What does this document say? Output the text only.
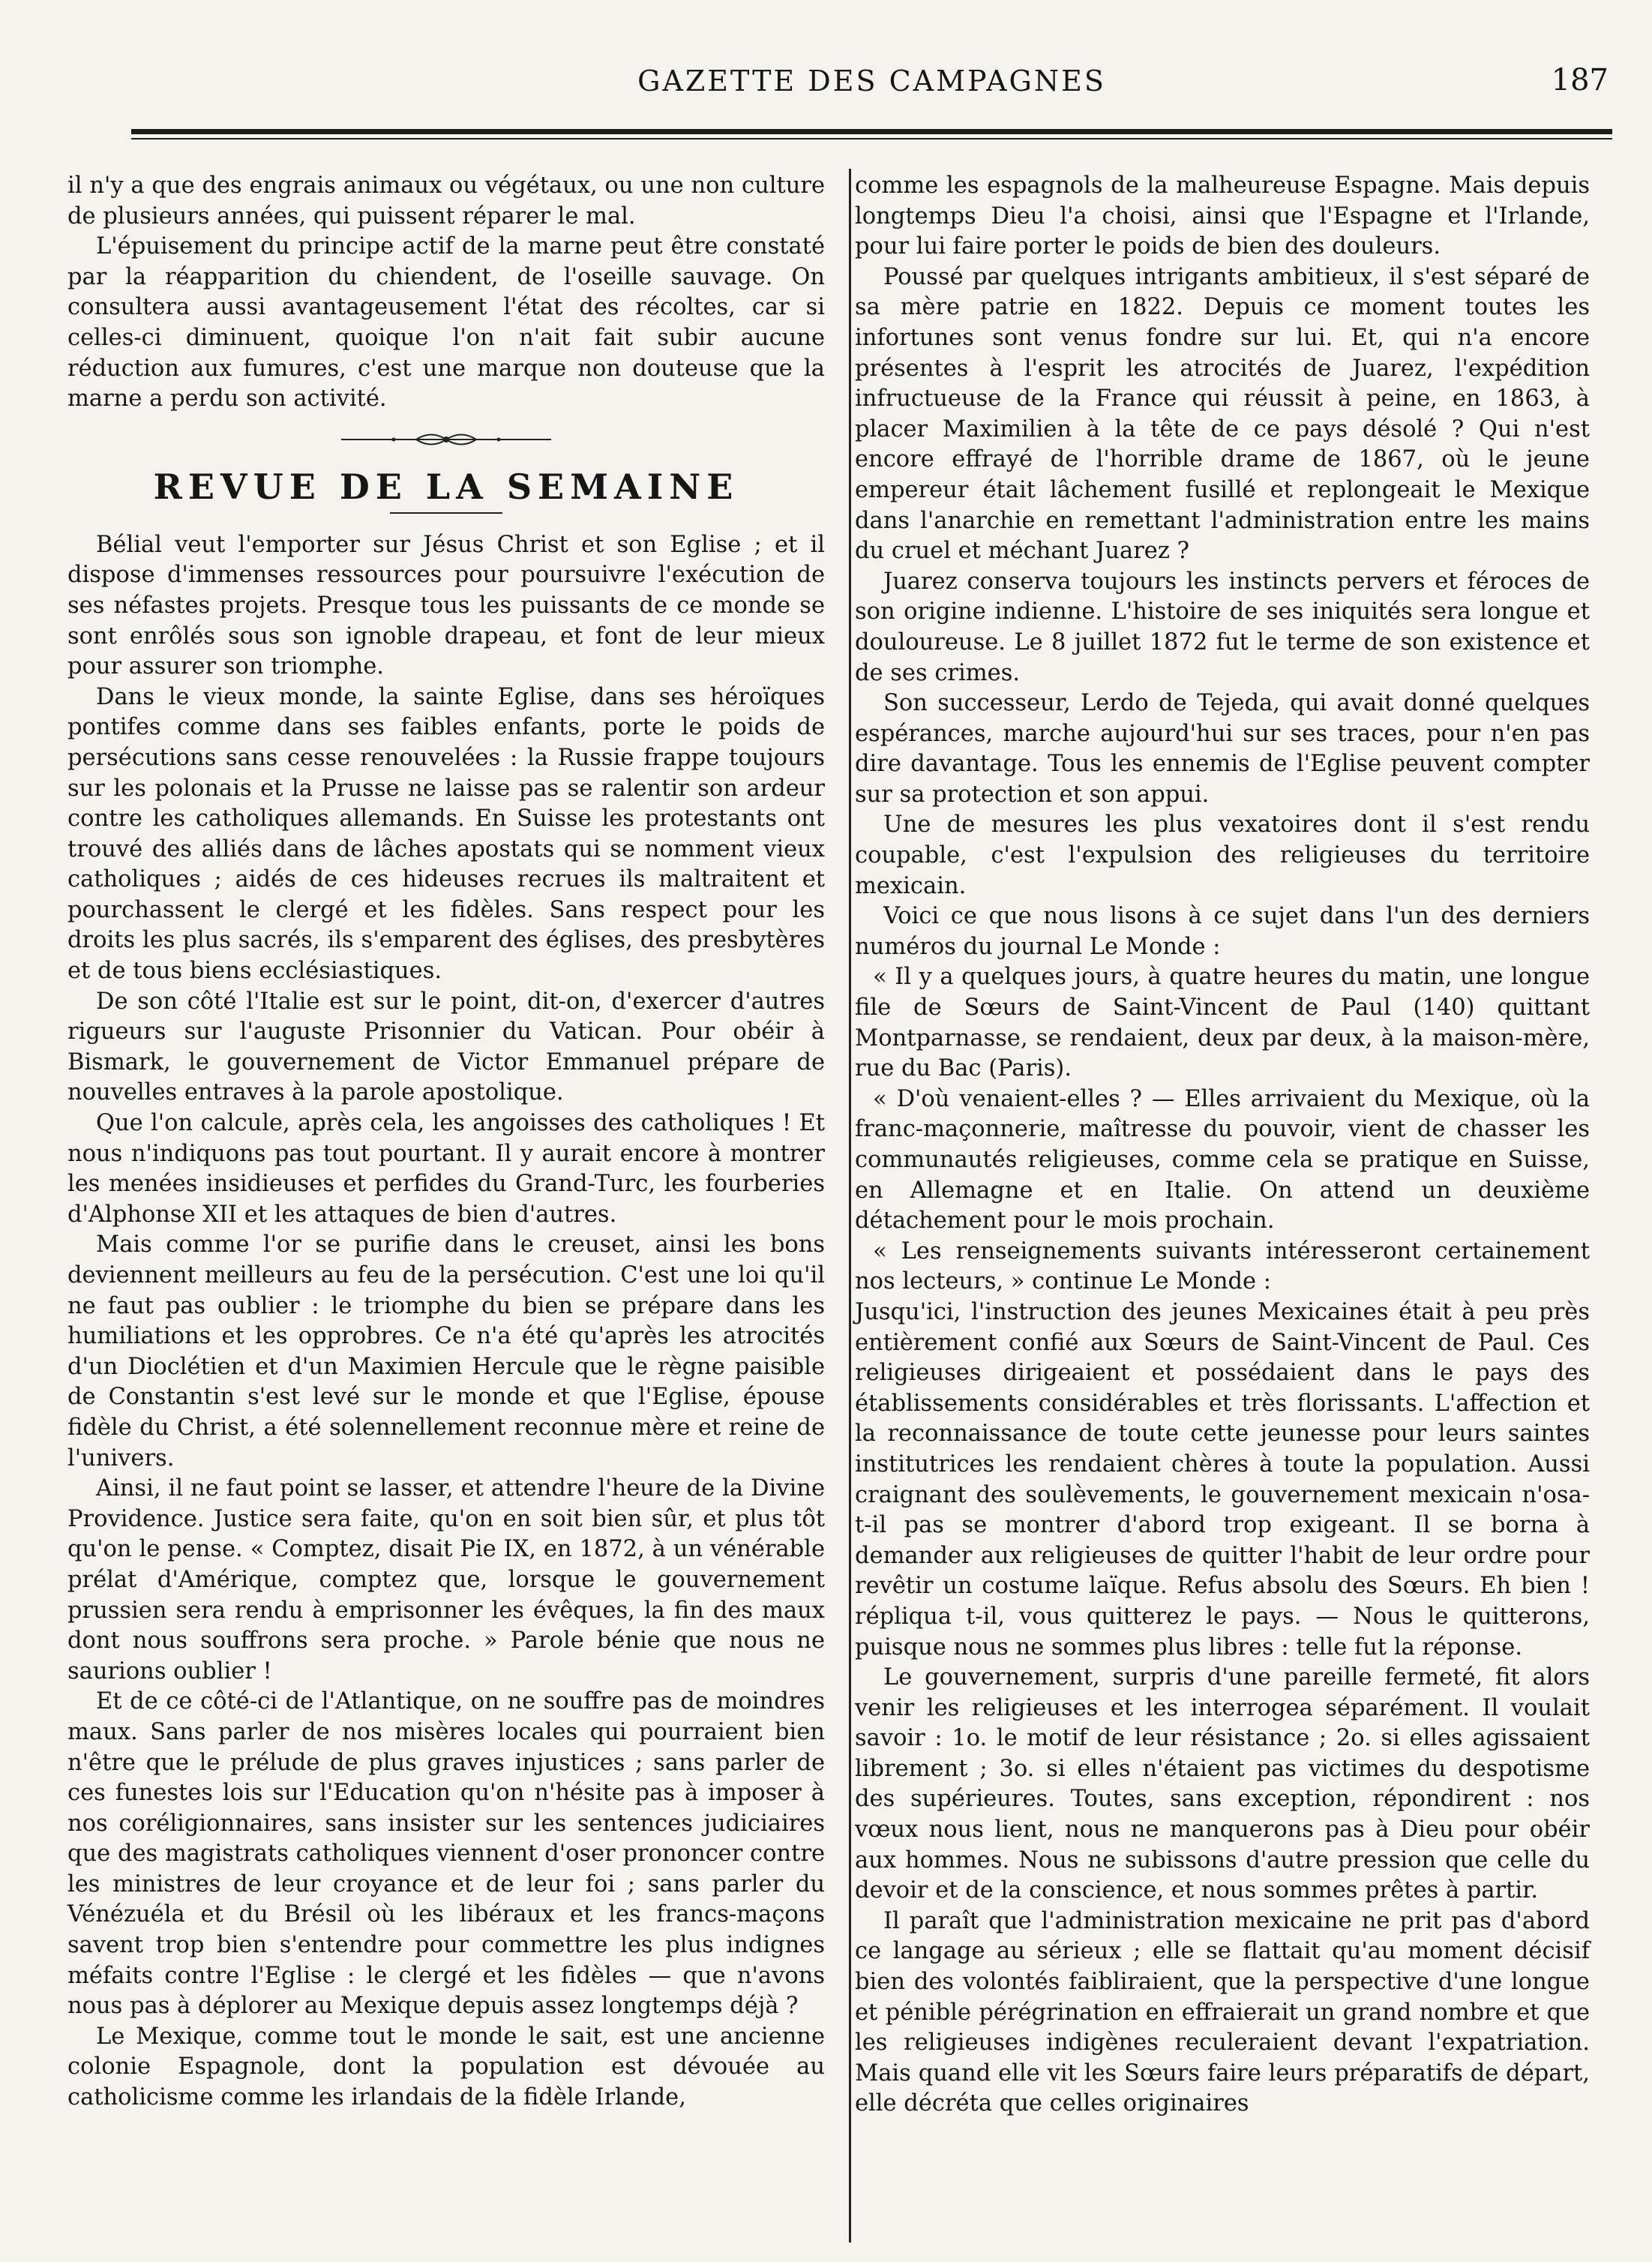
GAZETTE DES CAMPAGNES	187

il n'y a que des engrais animaux ou végétaux, ou une non culture de plusieurs années, qui puissent réparer le mal.

L'épuisement du principe actif de la marne peut être constaté par la réapparition du chiendent, de l'oseille sauvage. On consultera aussi avantageusement l'état des récoltes, car si celles-ci diminuent, quoique l'on n'ait fait subir aucune réduction aux fumures, c'est une marque non douteuse que la marne a perdu son activité.

REVUE DE LA SEMAINE

Bélial veut l'emporter sur Jésus Christ et son Eglise ; et il dispose d'immenses ressources pour poursuivre l'exécution de ses néfastes projets. Presque tous les puissants de ce monde se sont enrôlés sous son ignoble drapeau, et font de leur mieux pour assurer son triomphe.

Dans le vieux monde, la sainte Eglise, dans ses héroïques pontifes comme dans ses faibles enfants, porte le poids de persécutions sans cesse renouvelées : la Russie frappe toujours sur les polonais et la Prusse ne laisse pas se ralentir son ardeur contre les catholiques allemands. En Suisse les protestants ont trouvé des alliés dans de lâches apostats qui se nomment vieux catholiques ; aidés de ces hideuses recrues ils maltraitent et pourchassent le clergé et les fidèles. Sans respect pour les droits les plus sacrés, ils s'emparent des églises, des presbytères et de tous biens ecclésiastiques.

De son côté l'Italie est sur le point, dit-on, d'exercer d'autres rigueurs sur l'auguste Prisonnier du Vatican. Pour obéir à Bismark, le gouvernement de Victor Emmanuel prépare de nouvelles entraves à la parole apostolique.

Que l'on calcule, après cela, les angoisses des catholiques ! Et nous n'indiquons pas tout pourtant. Il y aurait encore à montrer les menées insidieuses et perfides du Grand-Turc, les fourberies d'Alphonse XII et les attaques de bien d'autres.

Mais comme l'or se purifie dans le creuset, ainsi les bons deviennent meilleurs au feu de la persécution. C'est une loi qu'il ne faut pas oublier : le triomphe du bien se prépare dans les humiliations et les opprobres. Ce n'a été qu'après les atrocités d'un Dioclétien et d'un Maximien Hercule que le règne paisible de Constantin s'est levé sur le monde et que l'Eglise, épouse fidèle du Christ, a été solennellement reconnue mère et reine de l'univers.

Ainsi, il ne faut point se lasser, et attendre l'heure de la Divine Providence. Justice sera faite, qu'on en soit bien sûr, et plus tôt qu'on le pense. « Comptez, disait Pie IX, en 1872, à un vénérable prélat d'Amérique, comptez que, lorsque le gouvernement prussien sera rendu à emprisonner les évêques, la fin des maux dont nous souffrons sera proche. » Parole bénie que nous ne saurions oublier !

Et de ce côté-ci de l'Atlantique, on ne souffre pas de moindres maux. Sans parler de nos misères locales qui pourraient bien n'être que le prélude de plus graves injustices ; sans parler de ces funestes lois sur l'Education qu'on n'hésite pas à imposer à nos coréligionnaires, sans insister sur les sentences judiciaires que des magistrats catholiques viennent d'oser prononcer contre les ministres de leur croyance et de leur foi ; sans parler du Vénézuéla et du Brésil où les libéraux et les francs-maçons savent trop bien s'entendre pour commettre les plus indignes méfaits contre l'Eglise : le clergé et les fidèles — que n'avons nous pas à déplorer au Mexique depuis assez longtemps déjà ?

Le Mexique, comme tout le monde le sait, est une ancienne colonie Espagnole, dont la population est dévouée au catholicisme comme les irlandais de la fidèle Irlande,

comme les espagnols de la malheureuse Espagne. Mais depuis longtemps Dieu l'a choisi, ainsi que l'Espagne et l'Irlande, pour lui faire porter le poids de bien des douleurs.

Poussé par quelques intrigants ambitieux, il s'est séparé de sa mère patrie en 1822. Depuis ce moment toutes les infortunes sont venus fondre sur lui. Et, qui n'a encore présentes à l'esprit les atrocités de Juarez, l'expédition infructueuse de la France qui réussit à peine, en 1863, à placer Maximilien à la tête de ce pays désolé ? Qui n'est encore effrayé de l'horrible drame de 1867, où le jeune empereur était lâchement fusillé et replongeait le Mexique dans l'anarchie en remettant l'administration entre les mains du cruel et méchant Juarez ?

Juarez conserva toujours les instincts pervers et féroces de son origine indienne. L'histoire de ses iniquités sera longue et douloureuse. Le 8 juillet 1872 fut le terme de son existence et de ses crimes.

Son successeur, Lerdo de Tejeda, qui avait donné quelques espérances, marche aujourd'hui sur ses traces, pour n'en pas dire davantage. Tous les ennemis de l'Eglise peuvent compter sur sa protection et son appui.

Une de mesures les plus vexatoires dont il s'est rendu coupable, c'est l'expulsion des religieuses du territoire mexicain.

Voici ce que nous lisons à ce sujet dans l'un des derniers numéros du journal Le Monde :

« Il y a quelques jours, à quatre heures du matin, une longue file de Sœurs de Saint-Vincent de Paul (140) quittant Montparnasse, se rendaient, deux par deux, à la maison-mère, rue du Bac (Paris).

« D'où venaient-elles ? — Elles arrivaient du Mexique, où la franc-maçonnerie, maîtresse du pouvoir, vient de chasser les communautés religieuses, comme cela se pratique en Suisse, en Allemagne et en Italie. On attend un deuxième détachement pour le mois prochain.

« Les renseignements suivants intéresseront certainement nos lecteurs, » continue Le Monde :

Jusqu'ici, l'instruction des jeunes Mexicaines était à peu près entièrement confié aux Sœurs de Saint-Vincent de Paul. Ces religieuses dirigeaient et possédaient dans le pays des établissements considérables et très florissants. L'affection et la reconnaissance de toute cette jeunesse pour leurs saintes institutrices les rendaient chères à toute la population. Aussi craignant des soulèvements, le gouvernement mexicain n'osa-t-il pas se montrer d'abord trop exigeant. Il se borna à demander aux religieuses de quitter l'habit de leur ordre pour revêtir un costume laïque. Refus absolu des Sœurs. Eh bien ! répliqua t-il, vous quitterez le pays. — Nous le quitterons, puisque nous ne sommes plus libres : telle fut la réponse.

Le gouvernement, surpris d'une pareille fermeté, fit alors venir les religieuses et les interrogea séparément. Il voulait savoir : 1o. le motif de leur résistance ; 2o. si elles agissaient librement ; 3o. si elles n'étaient pas victimes du despotisme des supérieures. Toutes, sans exception, répondirent : nos vœux nous lient, nous ne manquerons pas à Dieu pour obéir aux hommes. Nous ne subissons d'autre pression que celle du devoir et de la conscience, et nous sommes prêtes à partir.

Il paraît que l'administration mexicaine ne prit pas d'abord ce langage au sérieux ; elle se flattait qu'au moment décisif bien des volontés faibliraient, que la perspective d'une longue et pénible pérégrination en effraierait un grand nombre et que les religieuses indigènes reculeraient devant l'expatriation. Mais quand elle vit les Sœurs faire leurs préparatifs de départ, elle décréta que celles originaires
